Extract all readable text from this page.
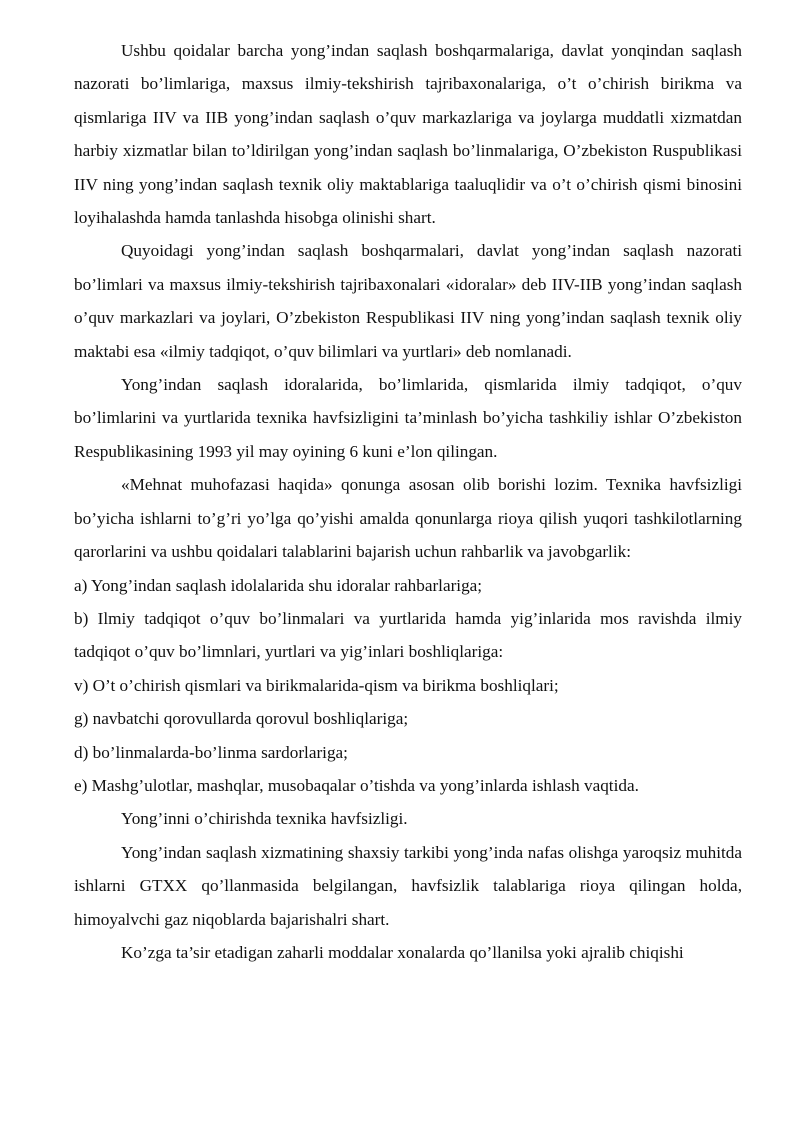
Ushbu qoidalar barcha yong’indan saqlash boshqarmalariga, davlat yonqindan saqlash nazorati bo’limlariga, maxsus ilmiy-tekshirish tajribaxonalariga, o’t o’chirish birikma va qismlariga IIV va IIB yong’indan saqlash o’quv markazlariga va joylarga muddatli xizmatdan harbiy xizmatlar bilan to’ldirilgan yong’indan saqlash bo’linmalariga, O’zbekiston Ruspublikasi IIV ning yong’indan saqlash texnik oliy maktablariga taaluqlidir va o’t o’chirish qismi binosini loyihalashda hamda tanlashda hisobga olinishi shart.

Quyoidagi yong’indan saqlash boshqarmalari, davlat yong’indan saqlash nazorati bo’limlari va maxsus ilmiy-tekshirish tajribaxonalari «idoralar» deb IIV-IIB yong’indan saqlash o’quv markazlari va joylari, O’zbekiston Respublikasi IIV ning yong’indan saqlash texnik oliy maktabi esa «ilmiy tadqiqot, o’quv bilimlari va yurtlari» deb nomlanadi.

Yong’indan saqlash idoralarida, bo’limlarida, qismlarida ilmiy tadqiqot, o’quv bo’limlarini va yurtlarida texnika havfsizligini ta’minlash bo’yicha tashkiliy ishlar O’zbekiston Respublikasining 1993 yil may oyining 6 kuni e’lon qilingan.

«Mehnat muhofazasi haqida» qonunga asosan olib borishi lozim. Texnika havfsizligi bo’yicha ishlarni to’g’ri yo’lga qo’yishi amalda qonunlarga rioya qilish yuqori tashkilotlarning qarorlarini va ushbu qoidalari talablarini bajarish uchun rahbarlik va javobgarlik:

a) Yong’indan saqlash idolalarida shu idoralar rahbarlariga;

b) Ilmiy tadqiqot o’quv bo’linmalari va yurtlarida hamda yig’inlarida mos ravishda ilmiy tadqiqot o’quv bo’limnlari, yurtlari va yig’inlari boshliqlariga:

v) O’t o’chirish qismlari va birikmalarida-qism va birikma boshliqlari;

g) navbatchi qorovullarda qorovul boshliqlariga;

d) bo’linmalarda-bo’linma sardorlariga;

e) Mashg’ulotlar, mashqlar, musobaqalar o’tishda va yong’inlarda ishlash vaqtida.

Yong’inni o’chirishda texnika havfsizligi.

Yong’indan saqlash xizmatining shaxsiy tarkibi yong’inda nafas olishga yaroqsiz muhitda ishlarni GTXX qo’llanmasida belgilangan, havfsizlik talablariga rioya qilingan holda, himoyalvchi gaz niqoblarda bajarishalri shart.

Ko’zga ta’sir etadigan zaharli moddalar xonalarda qo’llanilsa yoki ajralib chiqishi
